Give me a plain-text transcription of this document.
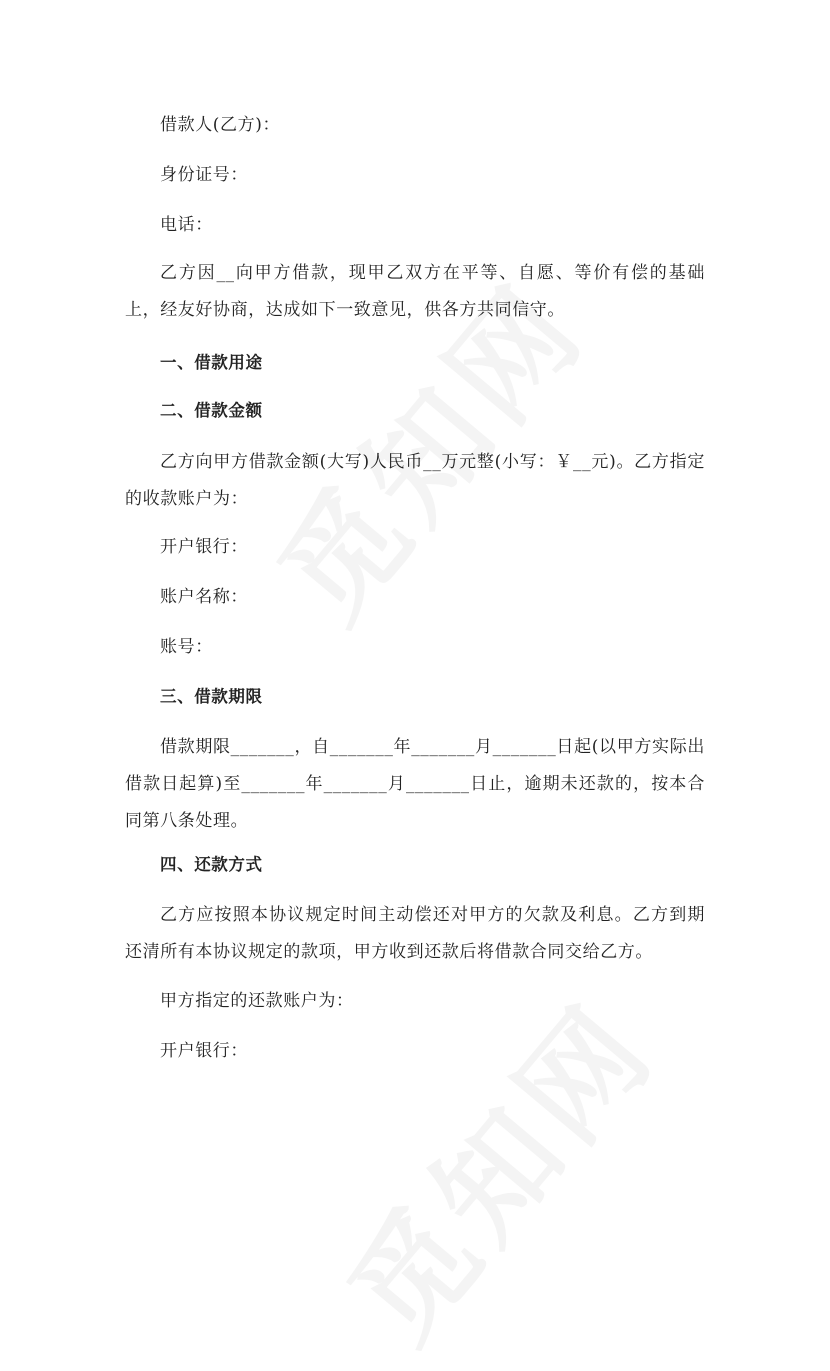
借款人(乙方)：
身份证号：
电话：
乙方因__向甲方借款，现甲乙双方在平等、自愿、等价有偿的基础上，经友好协商，达成如下一致意见，供各方共同信守。
一、借款用途
二、借款金额
乙方向甲方借款金额(大写)人民币__万元整(小写：￥__元)。乙方指定的收款账户为：
开户银行：
账户名称：
账号：
三、借款期限
借款期限_______，自_______年_______月_______日起(以甲方实际出借款日起算)至_______年_______月_______日止，逾期未还款的，按本合同第八条处理。
四、还款方式
乙方应按照本协议规定时间主动偿还对甲方的欠款及利息。乙方到期还清所有本协议规定的款项，甲方收到还款后将借款合同交给乙方。
甲方指定的还款账户为：
开户银行：
